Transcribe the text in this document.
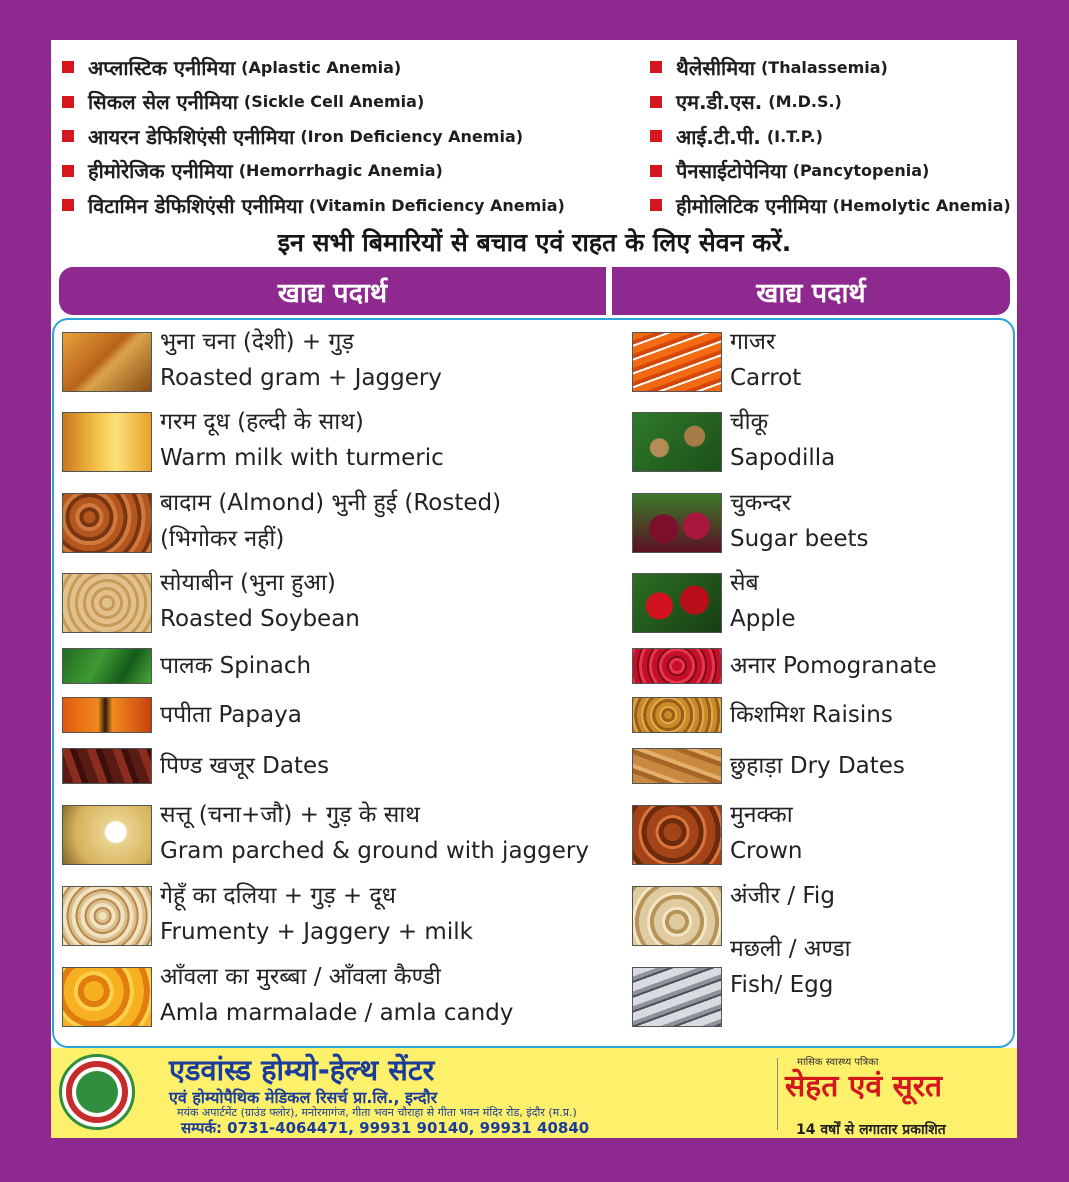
अप्लास्टिक एनीमिया (Aplastic Anemia)
सिकल सेल एनीमिया (Sickle Cell Anemia)
आयरन डेफिशिएंसी एनीमिया (Iron Deficiency Anemia)
हीमोरेजिक एनीमिया (Hemorrhagic Anemia)
विटामिन डेफिशिएंसी एनीमिया (Vitamin Deficiency Anemia)
थैलेसीमिया (Thalassemia)
एम.डी.एस. (M.D.S.)
आई.टी.पी. (I.T.P.)
पैनसाईटोपेनिया (Pancytopenia)
हीमोलिटिक एनीमिया (Hemolytic Anemia)
इन सभी बिमारियों से बचाव एवं राहत के लिए सेवन करें.
खाद्य पदार्थ	खाद्य पदार्थ
भुना चना (देशी) + गुड़
Roasted gram + Jaggery
गरम दूध (हल्दी के साथ)
Warm milk with turmeric
बादाम (Almond) भुनी हुई (Rosted)
(भिगोकर नहीं)
सोयाबीन (भुना हुआ)
Roasted Soybean
पालक Spinach
पपीता Papaya
पिण्ड खजूर Dates
सत्तू (चना+जौ) + गुड़ के साथ
Gram parched & ground with jaggery
गेहूँ का दलिया + गुड़ + दूध
Frumenty + Jaggery + milk
आँवला का मुरब्बा / आँवला कैण्डी
Amla marmalade / amla candy
गाजर
Carrot
चीकू
Sapodilla
चुकन्दर
Sugar beets
सेब
Apple
अनार Pomogranate
किशमिश Raisins
छुहाड़ा Dry Dates
मुनक्का
Crown
अंजीर / Fig
मछली / अण्डा
Fish/ Egg
एडवांस्ड होम्यो-हेल्थ सेंटर
एवं होम्योपैथिक मेडिकल रिसर्च प्रा.लि., इन्दौर
मयंक अपार्टमेंट (ग्राउंड फ्लोर), मनोरमागंज, गीता भवन चौराहा से गीता भवन मंदिर रोड, इंदौर (म.प्र.)
सम्पर्क: 0731-4064471, 99931 90140, 99931 40840
मासिक स्वास्थ्य पत्रिका
सेहत एवं सूरत
14 वर्षों से लगातार प्रकाशित
